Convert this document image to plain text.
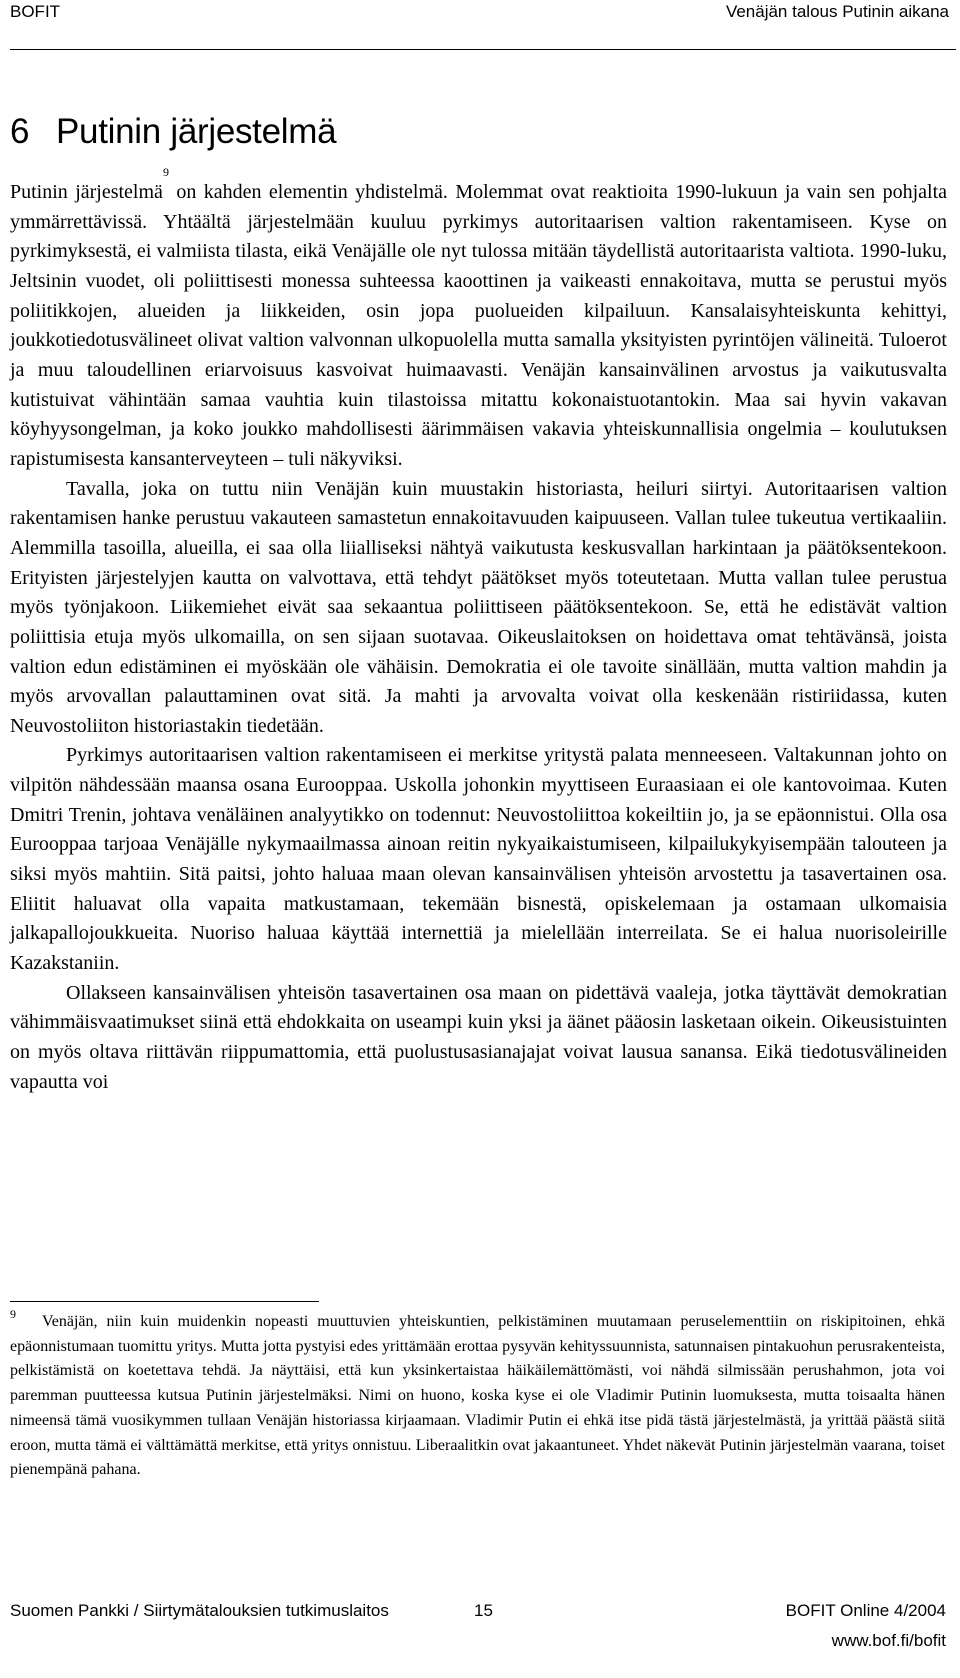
BOFIT	Venäjän talous Putinin aikana
6 Putinin järjestelmä

Putinin järjestelmä$^9$ on kahden elementin yhdistelmä. Molemmat ovat reaktioita 1990-lukuun ja vain sen pohjalta ymmärrettävissä. Yhtäältä järjestelmään kuuluu pyrkimys autoritaarisen valtion rakentamiseen. Kyse on pyrkimyksestä, ei valmiista tilasta, eikä Venäjälle ole nyt tulossa mitään täydellistä autoritaarista valtiota. 1990-luku, Jeltsinin vuodet, oli poliittisesti monessa suhteessa kaoottinen ja vaikeasti ennakoitava, mutta se perustui myös poliitikkojen, alueiden ja liikkeiden, osin jopa puolueiden kilpailuun. Kansalaisyhteiskunta kehittyi, joukkotiedotusvälineet olivat valtion valvonnan ulkopuolella mutta samalla yksityisten pyrintöjen välineitä. Tuloerot ja muu taloudellinen eriarvoisuus kasvoivat huimaavasti. Venäjän kansainvälinen arvostus ja vaikutusvalta kutistuivat vähintään samaa vauhtia kuin tilastoissa mitattu kokonaistuotantokin. Maa sai hyvin vakavan köyhyysongelman, ja koko joukko mahdollisesti äärimmäisen vakavia yhteiskunnallisia ongelmia – koulutuksen rapistumisesta kansanterveyteen – tuli näkyviksi.

Tavalla, joka on tuttu niin Venäjän kuin muustakin historiasta, heiluri siirtyi. Autoritaarisen valtion rakentamisen hanke perustuu vakauteen samastetun ennakoitavuuden kaipuuseen. Vallan tulee tukeutua vertikaaliin. Alemmilla tasoilla, alueilla, ei saa olla liialliseksi nähtyä vaikutusta keskusvallan harkintaan ja päätöksentekoon. Erityisten järjestelyjen kautta on valvottava, että tehdyt päätökset myös toteutetaan. Mutta vallan tulee perustua myös työnjakoon. Liikemiehet eivät saa sekaantua poliittiseen päätöksentekoon. Se, että he edistävät valtion poliittisia etuja myös ulkomailla, on sen sijaan suotavaa. Oikeuslaitoksen on hoidettava omat tehtävänsä, joista valtion edun edistäminen ei myöskään ole vähäisin. Demokratia ei ole tavoite sinällään, mutta valtion mahdin ja myös arvovallan palauttaminen ovat sitä. Ja mahti ja arvovalta voivat olla keskenään ristiriidassa, kuten Neuvostoliiton historiastakin tiedetään.

Pyrkimys autoritaarisen valtion rakentamiseen ei merkitse yritystä palata menneeseen. Valtakunnan johto on vilpitön nähdessään maansa osana Eurooppaa. Uskolla johonkin myyttiseen Euraasiaan ei ole kantovoimaa. Kuten Dmitri Trenin, johtava venäläinen analyytikko on todennut: Neuvostoliittoa kokeiltiin jo, ja se epäonnistui. Olla osa Eurooppaa tarjoaa Venäjälle nykymaailmassa ainoan reitin nykyaikaistumiseen, kilpailukykyisempään talouteen ja siksi myös mahtiin. Sitä paitsi, johto haluaa maan olevan kansainvälisen yhteisön arvostettu ja tasavertainen osa. Eliitit haluavat olla vapaita matkustamaan, tekemään bisnestä, opiskelemaan ja ostamaan ulkomaisia jalkapallojoukkueita. Nuoriso haluaa käyttää internettiä ja mielellään interreilata. Se ei halua nuorisoleirille Kazakstaniin.

Ollakseen kansainvälisen yhteisön tasavertainen osa maan on pidettävä vaaleja, jotka täyttävät demokratian vähimmäisvaatimukset siinä että ehdokkaita on useampi kuin yksi ja äänet pääosin lasketaan oikein. Oikeusistuinten on myös oltava riittävän riippumattomia, että puolustusasianajajat voivat lausua sanansa. Eikä tiedotusvälineiden vapautta voi

9 Venäjän, niin kuin muidenkin nopeasti muuttuvien yhteiskuntien, pelkistäminen muutamaan peruselementtiin on riskipitoinen, ehkä epäonnistumaan tuomittu yritys. Mutta jotta pystyisi edes yrittämään erottaa pysyvän kehityssuunnista, satunnaisen pintakuohun perusrakenteista, pelkistämistä on koetettava tehdä. Ja näyttäisi, että kun yksinkertaistaa häikäilemättömästi, voi nähdä silmissään perushahmon, jota voi paremman puutteessa kutsua Putinin järjestelmäksi. Nimi on huono, koska kyse ei ole Vladimir Putinin luomuksesta, mutta toisaalta hänen nimeensä tämä vuosikymmen tullaan Venäjän historiassa kirjaamaan. Vladimir Putin ei ehkä itse pidä tästä järjestelmästä, ja yrittää päästä siitä eroon, mutta tämä ei välttämättä merkitse, että yritys onnistuu. Liberaalitkin ovat jakaantuneet. Yhdet näkevät Putinin järjestelmän vaarana, toiset pienempänä pahana.

Suomen Pankki / Siirtymätalouksien tutkimuslaitos	15	BOFIT Online 4/2004
www.bof.fi/bofit
